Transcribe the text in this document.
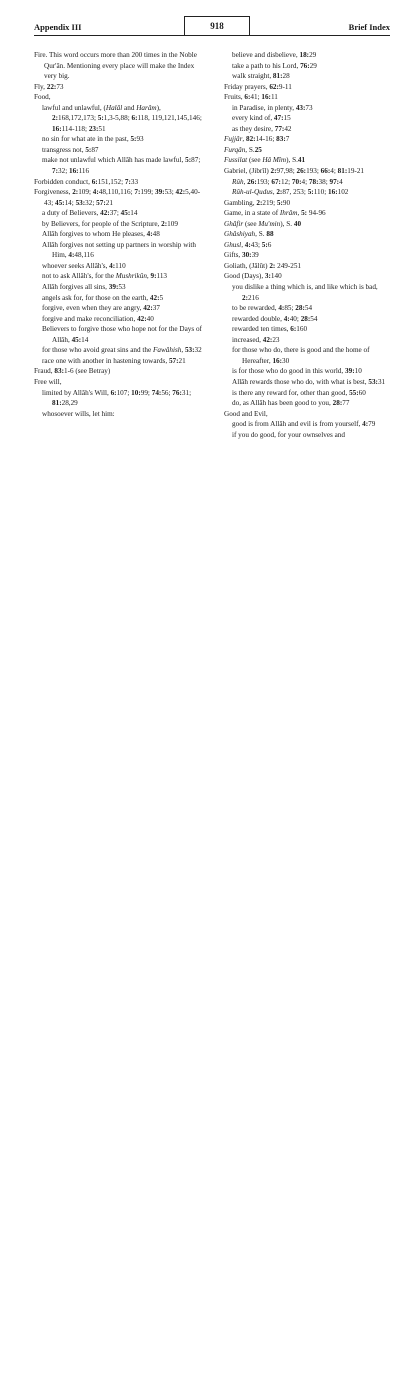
Appendix III	918	Brief Index
Fire. This word occurs more than 200 times in the Noble Qur'ân. Mentioning every place will make the Index very big.
Fly, 22:73
Food,
lawful and unlawful, (Halâl and Harâm), 2:168,172,173; 5:1,3-5,88; 6:118, 119,121,145,146; 16:114-118; 23:51
no sin for what ate in the past, 5:93
transgress not, 5:87
make not unlawful which Allâh has made lawful, 5:87; 7:32; 16:116
Forbidden conduct, 6:151,152; 7:33
Forgiveness, 2:109; 4:48,110,116; 7:199; 39:53; 42:5,40-43; 45:14; 53:32; 57:21
a duty of Believers, 42:37; 45:14
by Believers, for people of the Scripture, 2:109
Allâh forgives to whom He pleases, 4:48
Allâh forgives not setting up partners in worship with Him, 4:48,116
whoever seeks Allâh's, 4:110
not to ask Allâh's, for the Mushrikûn, 9:113
Allâh forgives all sins, 39:53
angels ask for, for those on the earth, 42:5
forgive, even when they are angry, 42:37
forgive and make reconciliation, 42:40
Believers to forgive those who hope not for the Days of Allâh, 45:14
for those who avoid great sins and the Fawâhish, 53:32
race one with another in hastening towards, 57:21
Fraud, 83:1-6 (see Betray)
Free will,
limited by Allâh's Will, 6:107; 10:99; 74:56; 76:31; 81:28,29
whosoever wills, let him:
believe and disbelieve, 18:29
take a path to his Lord, 76:29
walk straight, 81:28
Friday prayers, 62:9-11
Fruits, 6:41; 16:11
in Paradise, in plenty, 43:73
every kind of, 47:15
as they desire, 77:42
Fujjâr, 82:14-16; 83:7
Furqân, S.25
Fussilat (see Hâ Mîm), S.41
Gabriel, (Jibrîl) 2:97,98; 26:193; 66:4; 81:19-21
Rûh, 26:193; 67:12; 70:4; 78:38; 97:4
Rûh-ul-Qudus, 2:87, 253; 5:110; 16:102
Gambling, 2:219; 5:90
Game, in a state of Ihrâm, 5: 94-96
Ghâfir (see Mu'min), S. 40
Ghâshiyah, S. 88
Ghusl, 4:43; 5:6
Gifts, 30:39
Goliath, (Jâlût) 2: 249-251
Good (Days), 3:140
you dislike a thing which is, and like which is bad, 2:216
to be rewarded, 4:85; 28:54
rewarded double, 4:40; 28:54
rewarded ten times, 6:160
increased, 42:23
for those who do, there is good and the home of Hereafter, 16:30
is for those who do good in this world, 39:10
Allâh rewards those who do, with what is best, 53:31
is there any reward for, other than good, 55:60
do, as Allâh has been good to you, 28:77
Good and Evil,
good is from Allâh and evil is from yourself, 4:79
if you do good, for your ownselves and
